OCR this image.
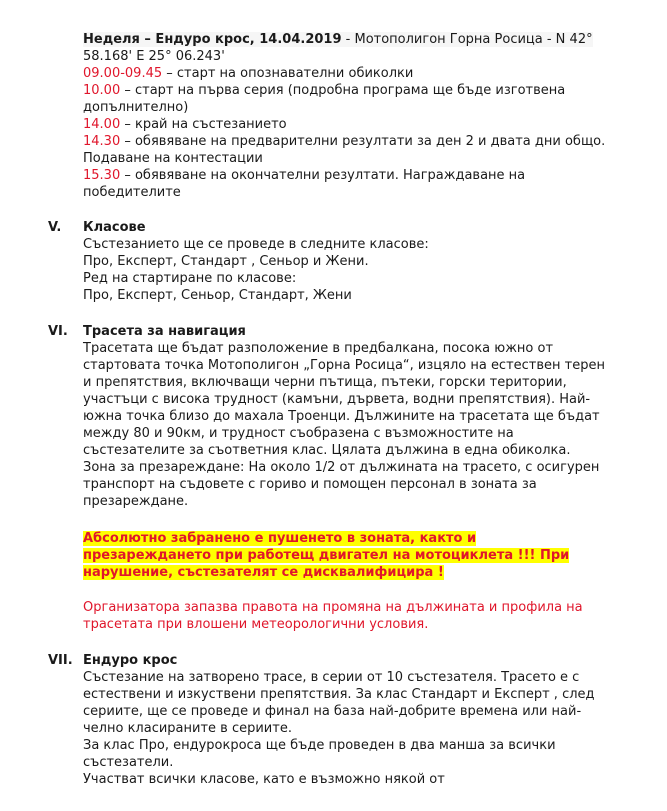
Неделя – Ендуро крос, 14.04.2019 - Мотополигон Горна Росица - N 42°

58.168' E 25° 06.243'

09.00-09.45 – старт на опознавателни обиколки

10.00 – старт на първа серия (подробна програма ще бъде изготвена

допълнително)

14.00 – край на състезанието

14.30 – обявяване на предварителни резултати за ден 2 и двата дни общо.

Подаване на контестации

15.30 – обявяване на окончателни резултати. Награждаване на

победителите

V. Класове

Състезанието ще се проведе в следните класове:

Про, Експерт, Стандарт , Сеньор и Жени.

Ред на стартиране по класове:

Про, Експерт, Сеньор, Стандарт, Жени

VI. Трасета за навигация

Трасетата ще бъдат разположение в предбалкана, посока южно от

стартовата точка Мотополигон „Горна Росица“, изцяло на естествен терен

и препятствия, включващи черни пътища, пътеки, горски територии,

участъци с висока трудност (камъни, дървета, водни препятствия). Най-

южна точка близо до махала Троенци. Дължините на трасетата ще бъдат

между 80 и 90км, и трудност съобразена с възможностите на

състезателите за съответния клас. Цялата дължина в една обиколка.

Зона за презареждане: На около 1/2 от дължината на трасето, с осигурен

транспорт на съдовете с гориво и помощен персонал в зоната за

презареждане.

Абсолютно забранено е пушенето в зоната, както и

презареждането при работещ двигател на мотоциклета !!! При

нарушение, състезателят се дисквалифицира !

Организатора запазва правота на промяна на дължината и профила на

трасетата при влошени метеорологични условия.

VII. Ендуро крос

Състезание на затворено трасе, в серии от 10 състезателя. Трасето е с

естествени и изкуствени препятствия. За клас Стандарт и Експерт , след

сериите, ще се проведе и финал на база най-добрите времена или най-

челно класираните в сериите.

За клас Про, ендурокроса ще бъде проведен в два манша за всички

състезатели.

Участват всички класове, като е възможно някой от
